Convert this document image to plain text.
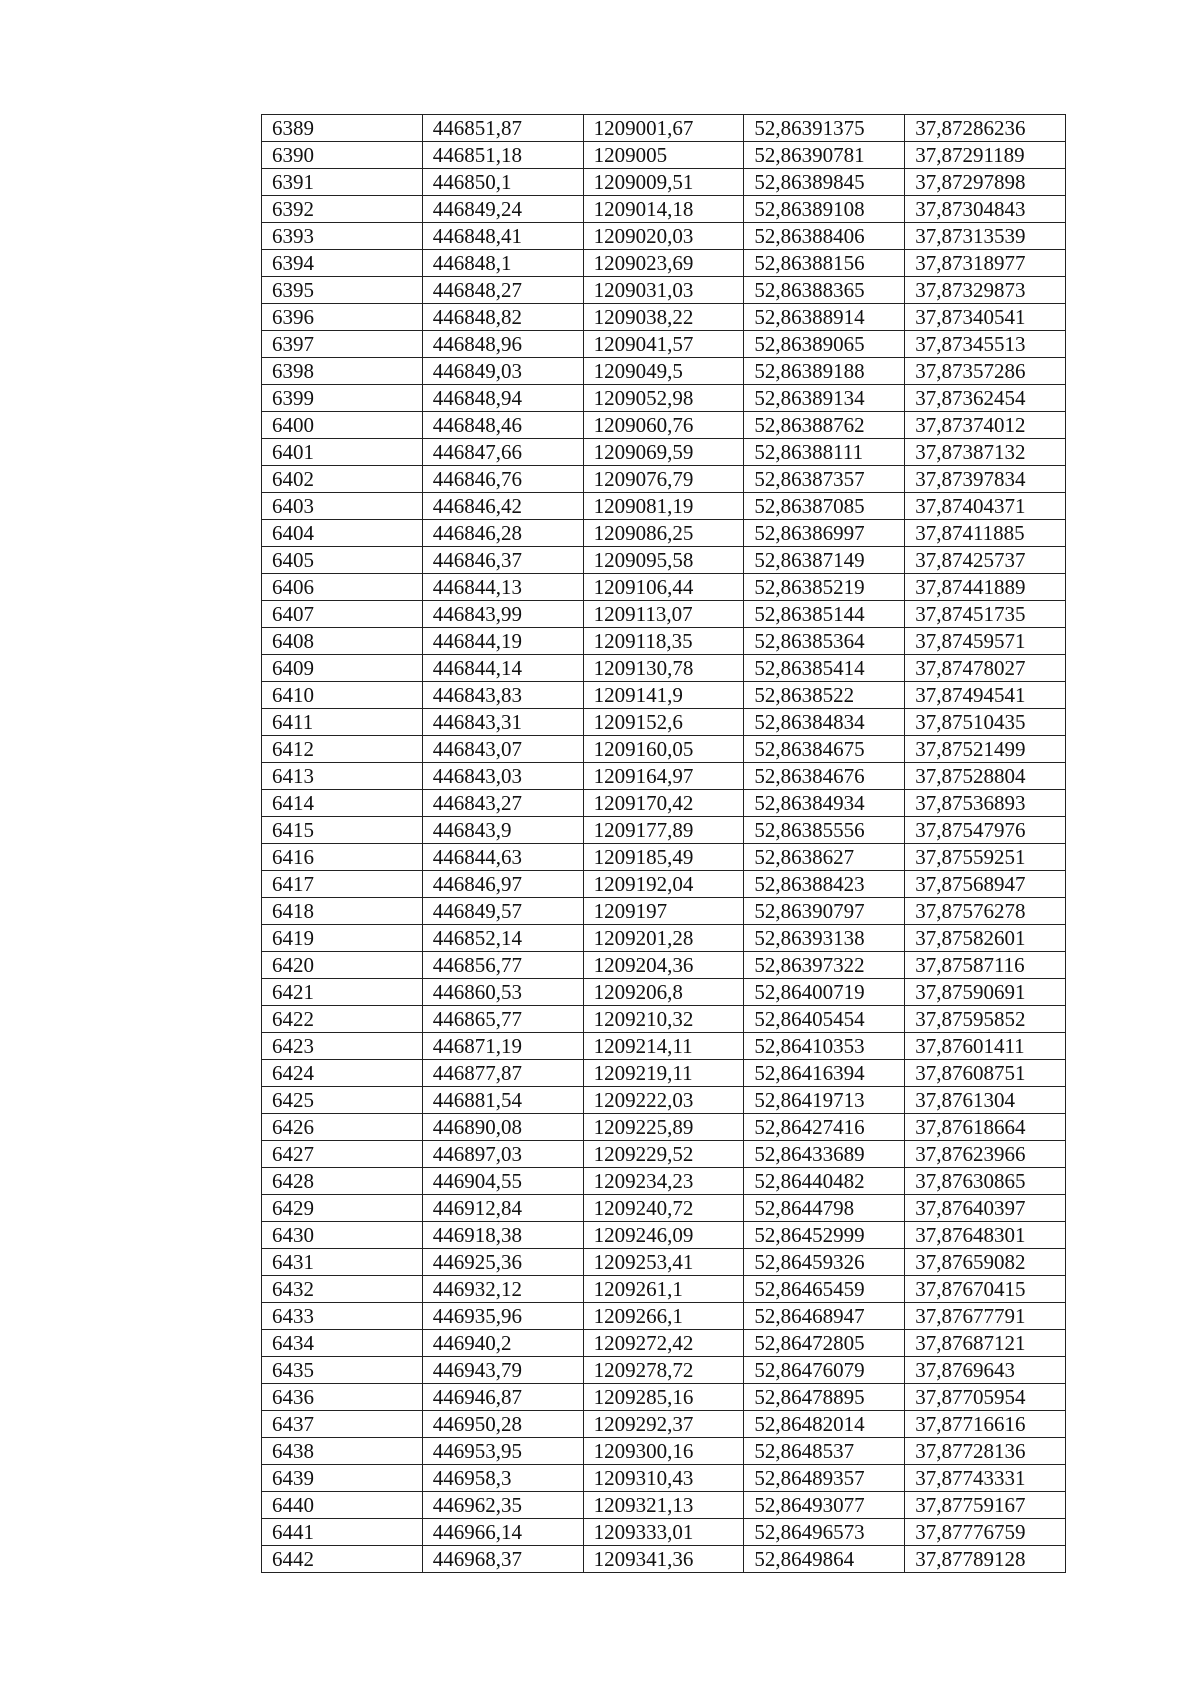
6389	446851,87	1209001,67	52,86391375	37,87286236
6390	446851,18	1209005	52,86390781	37,87291189
6391	446850,1	1209009,51	52,86389845	37,87297898
6392	446849,24	1209014,18	52,86389108	37,87304843
6393	446848,41	1209020,03	52,86388406	37,87313539
6394	446848,1	1209023,69	52,86388156	37,87318977
6395	446848,27	1209031,03	52,86388365	37,87329873
6396	446848,82	1209038,22	52,86388914	37,87340541
6397	446848,96	1209041,57	52,86389065	37,87345513
6398	446849,03	1209049,5	52,86389188	37,87357286
6399	446848,94	1209052,98	52,86389134	37,87362454
6400	446848,46	1209060,76	52,86388762	37,87374012
6401	446847,66	1209069,59	52,86388111	37,87387132
6402	446846,76	1209076,79	52,86387357	37,87397834
6403	446846,42	1209081,19	52,86387085	37,87404371
6404	446846,28	1209086,25	52,86386997	37,87411885
6405	446846,37	1209095,58	52,86387149	37,87425737
6406	446844,13	1209106,44	52,86385219	37,87441889
6407	446843,99	1209113,07	52,86385144	37,87451735
6408	446844,19	1209118,35	52,86385364	37,87459571
6409	446844,14	1209130,78	52,86385414	37,87478027
6410	446843,83	1209141,9	52,8638522	37,87494541
6411	446843,31	1209152,6	52,86384834	37,87510435
6412	446843,07	1209160,05	52,86384675	37,87521499
6413	446843,03	1209164,97	52,86384676	37,87528804
6414	446843,27	1209170,42	52,86384934	37,87536893
6415	446843,9	1209177,89	52,86385556	37,87547976
6416	446844,63	1209185,49	52,8638627	37,87559251
6417	446846,97	1209192,04	52,86388423	37,87568947
6418	446849,57	1209197	52,86390797	37,87576278
6419	446852,14	1209201,28	52,86393138	37,87582601
6420	446856,77	1209204,36	52,86397322	37,87587116
6421	446860,53	1209206,8	52,86400719	37,87590691
6422	446865,77	1209210,32	52,86405454	37,87595852
6423	446871,19	1209214,11	52,86410353	37,87601411
6424	446877,87	1209219,11	52,86416394	37,87608751
6425	446881,54	1209222,03	52,86419713	37,8761304
6426	446890,08	1209225,89	52,86427416	37,87618664
6427	446897,03	1209229,52	52,86433689	37,87623966
6428	446904,55	1209234,23	52,86440482	37,87630865
6429	446912,84	1209240,72	52,8644798	37,87640397
6430	446918,38	1209246,09	52,86452999	37,87648301
6431	446925,36	1209253,41	52,86459326	37,87659082
6432	446932,12	1209261,1	52,86465459	37,87670415
6433	446935,96	1209266,1	52,86468947	37,87677791
6434	446940,2	1209272,42	52,86472805	37,87687121
6435	446943,79	1209278,72	52,86476079	37,8769643
6436	446946,87	1209285,16	52,86478895	37,87705954
6437	446950,28	1209292,37	52,86482014	37,87716616
6438	446953,95	1209300,16	52,8648537	37,87728136
6439	446958,3	1209310,43	52,86489357	37,87743331
6440	446962,35	1209321,13	52,86493077	37,87759167
6441	446966,14	1209333,01	52,86496573	37,87776759
6442	446968,37	1209341,36	52,8649864	37,87789128
